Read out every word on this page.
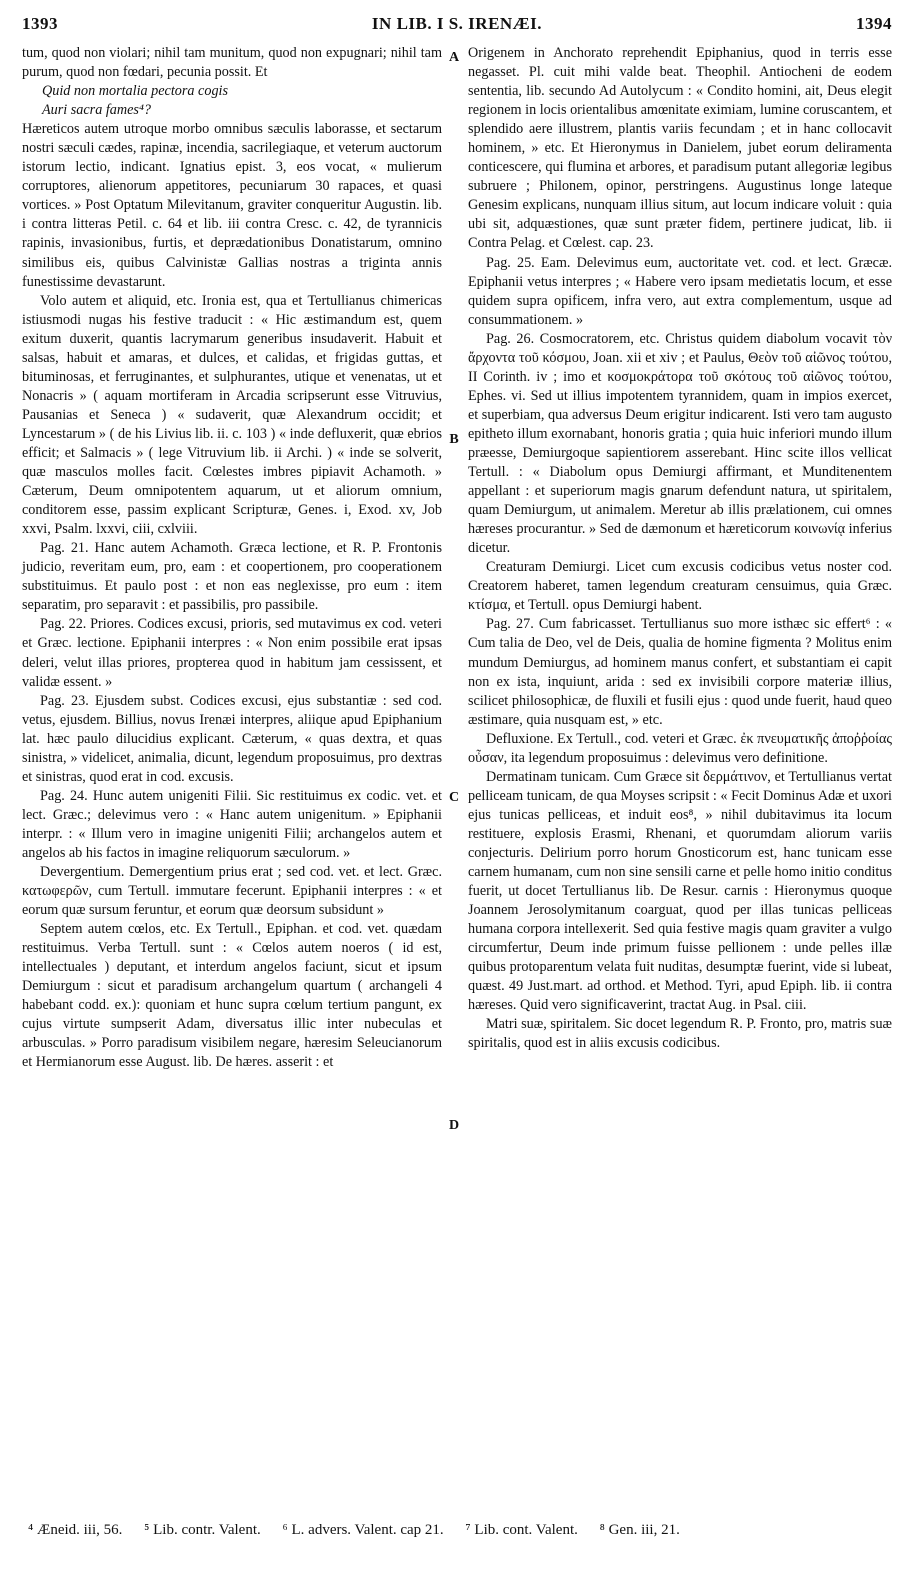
1393	IN LIB. I S. IRENÆI.	1394
A
B
C
D

tum, quod non violari; nihil tam munitum, quod non expugnari; nihil tam purum, quod non fœdari, pecunia possit. Et

Quid non mortalia pectora cogis

Auri sacra fames⁴?

Hæreticos autem utroque morbo omnibus sæculis laborasse, et sectarum nostri sæculi cædes, rapinæ, incendia, sacrilegiaque, et veterum auctorum istorum lectio, indicant. Ignatius epist. 3, eos vocat, « mulierum corruptores, alienorum appetitores, pecuniarum 30 rapaces, et quasi vortices. » Post Optatum Milevitanum, graviter conqueritur Augustin. lib. i contra litteras Petil. c. 64 et lib. iii contra Cresc. c. 42, de tyrannicis rapinis, invasionibus, furtis, et deprædationibus Donatistarum, omnino similibus eis, quibus Calvinistæ Gallias nostras a triginta annis funestissime devastarunt.

Volo autem et aliquid, etc. Ironia est, qua et Tertullianus chimericas istiusmodi nugas his festive traducit : « Hic æstimandum est, quem exitum duxerit, quantis lacrymarum generibus insudaverit. Habuit et salsas, habuit et amaras, et dulces, et calidas, et frigidas guttas, et bituminosas, et ferruginantes, et sulphurantes, utique et venenatas, ut et Nonacris » ( aquam mortiferam in Arcadia scripserunt esse Vitruvius, Pausanias et Seneca ) « sudaverit, quæ Alexandrum occidit; et Lyncestarum » ( de his Livius lib. ii. c. 103 ) « inde defluxerit, quæ ebrios efficit; et Salmacis » ( lege Vitruvium lib. ii Archi. ) « inde se solverit, quæ masculos molles facit. Cœlestes imbres pipiavit Achamoth. » Cæterum, Deum omnipotentem aquarum, ut et aliorum omnium, conditorem esse, passim explicant Scripturæ, Genes. i, Exod. xv, Job xxvi, Psalm. lxxvi, ciii, cxlviii.

Pag. 21. Hanc autem Achamoth. Græca lectione, et R. P. Frontonis judicio, reveritam eum, pro, eam : et coopertionem, pro cooperationem substituimus. Et paulo post : et non eas neglexisse, pro eum : item separatim, pro separavit : et passibilis, pro passibile.

Pag. 22. Priores. Codices excusi, prioris, sed mutavimus ex cod. veteri et Græc. lectione. Epiphanii interpres : « Non enim possibile erat ipsas deleri, velut illas priores, propterea quod in habitum jam cessissent, et validæ essent. »

Pag. 23. Ejusdem subst. Codices excusi, ejus substantiæ : sed cod. vetus, ejusdem. Billius, novus Irenæi interpres, aliique apud Epiphanium lat. hæc paulo dilucidius explicant. Cæterum, « quas dextra, et quas sinistra, » videlicet, animalia, dicunt, legendum proposuimus, pro dextras et sinistras, quod erat in cod. excusis.

Pag. 24. Hunc autem unigeniti Filii. Sic restituimus ex codic. vet. et lect. Græc.; delevimus vero : « Hanc autem unigenitum. » Epiphanii interpr. : « Illum vero in imagine unigeniti Filii; archangelos autem et angelos ab his factos in imagine reliquorum sæculorum. »

Devergentium. Demergentium prius erat ; sed cod. vet. et lect. Græc. κατωφερῶν, cum Tertull. immutare fecerunt. Epiphanii interpres : « et eorum quæ sursum feruntur, et eorum quæ deorsum subsidunt »

Septem autem cœlos, etc. Ex Tertull., Epiphan. et cod. vet. quædam restituimus. Verba Tertull. sunt : « Cœlos autem noeros ( id est, intellectuales ) deputant, et interdum angelos faciunt, sicut et ipsum Demiurgum : sicut et paradisum archangelum quartum ( archangeli 4 habebant codd. ex.): quoniam et hunc supra cœlum tertium pangunt, ex cujus virtute sumpserit Adam, diversatus illic inter nubeculas et arbusculas. » Porro paradisum visibilem negare, hæresim Seleucianorum et Hermianorum esse August. lib. De hæres. asserit : et

Origenem in Anchorato reprehendit Epiphanius, quod in terris esse negasset. Pl. cuit mihi valde beat. Theophil. Antiocheni de eodem sententia, lib. secundo Ad Autolycum : « Condito homini, ait, Deus elegit regionem in locis orientalibus amœnitate eximiam, lumine coruscantem, et splendido aere illustrem, plantis variis fecundam ; et in hanc collocavit hominem, » etc. Et Hieronymus in Danielem, jubet eorum deliramenta conticescere, qui flumina et arbores, et paradisum putant allegoriæ legibus subruere ; Philonem, opinor, perstringens. Augustinus longe lateque Genesim explicans, nunquam illius situm, aut locum indicare voluit : quia ubi sit, adquæstiones, quæ sunt præter fidem, pertinere judicat, lib. ii Contra Pelag. et Cœlest. cap. 23.

Pag. 25. Eam. Delevimus eum, auctoritate vet. cod. et lect. Græcæ. Epiphanii vetus interpres ; « Habere vero ipsam medietatis locum, et esse quidem supra opificem, infra vero, aut extra complementum, usque ad consummationem. »

Pag. 26. Cosmocratorem, etc. Christus quidem diabolum vocavit τὸν ἄρχοντα τοῦ κόσμου, Joan. xii et xiv ; et Paulus, Θεὸν τοῦ αἰῶνος τούτου, II Corinth. iv ; imo et κοσμοκράτορα τοῦ σκότους τοῦ αἰῶνος τούτου, Ephes. vi. Sed ut illius impotentem tyrannidem, quam in impios exercet, et superbiam, qua adversus Deum erigitur indicarent. Isti vero tam augusto epitheto illum exornabant, honoris gratia ; quia huic inferiori mundo illum præesse, Demiurgoque sapientiorem asserebant. Hinc scite illos vellicat Tertull. : « Diabolum opus Demiurgi affirmant, et Munditenentem appellant : et superiorum magis gnarum defendunt natura, ut spiritalem, quam Demiurgum, ut animalem. Meretur ab illis prælationem, cui omnes hæreses procurantur. » Sed de dæmonum et hæreticorum κοινωνίᾳ inferius dicetur.

Creaturam Demiurgi. Licet cum excusis codicibus vetus noster cod. Creatorem haberet, tamen legendum creaturam censuimus, quia Græc. κτίσμα, et Tertull. opus Demiurgi habent.

Pag. 27. Cum fabricasset. Tertullianus suo more isthæc sic effert⁶ : « Cum talia de Deo, vel de Deis, qualia de homine figmenta ? Molitus enim mundum Demiurgus, ad hominem manus confert, et substantiam ei capit non ex ista, inquiunt, arida : sed ex invisibili corpore materiæ illius, scilicet philosophicæ, de fluxili et fusili ejus : quod unde fuerit, haud queo æstimare, quia nusquam est, » etc.

Defluxione. Ex Tertull., cod. veteri et Græc. ἐκ πνευματικῆς ἀποῤῥοίας οὖσαν, ita legendum proposuimus : delevimus vero definitione.

Dermatinam tunicam. Cum Græce sit δερμάτινον, et Tertullianus vertat pelliceam tunicam, de qua Moyses scripsit : « Fecit Dominus Adæ et uxori ejus tunicas pelliceas, et induit eos⁸, » nihil dubitavimus ita locum restituere, explosis Erasmi, Rhenani, et quorumdam aliorum variis conjecturis. Delirium porro horum Gnosticorum est, hanc tunicam esse carnem humanam, cum non sine sensili carne et pelle homo initio conditus fuerit, ut docet Tertullianus lib. De Resur. carnis : Hieronymus quoque Joannem Jerosolymitanum coarguat, quod per illas tunicas pelliceas humana corpora intellexerit. Sed quia festive magis quam graviter a vulgo circumfertur, Deum inde primum fuisse pellionem : unde pelles illæ quibus protoparentum velata fuit nuditas, desumptæ fuerint, vide si lubeat, quæst. 49 Just.mart. ad orthod. et Method. Tyri, apud Epiph. lib. ii contra hæreses. Quid vero significaverint, tractat Aug. in Psal. ciii.

Matri suæ, spiritalem. Sic docet legendum R. P. Fronto, pro, matris suæ spiritalis, quod est in aliis excusis codicibus.

⁴ Æneid. iii, 56. ⁵ Lib. contr. Valent. ⁶ L. advers. Valent. cap 21. ⁷ Lib. cont. Valent. ⁸ Gen. iii, 21.
